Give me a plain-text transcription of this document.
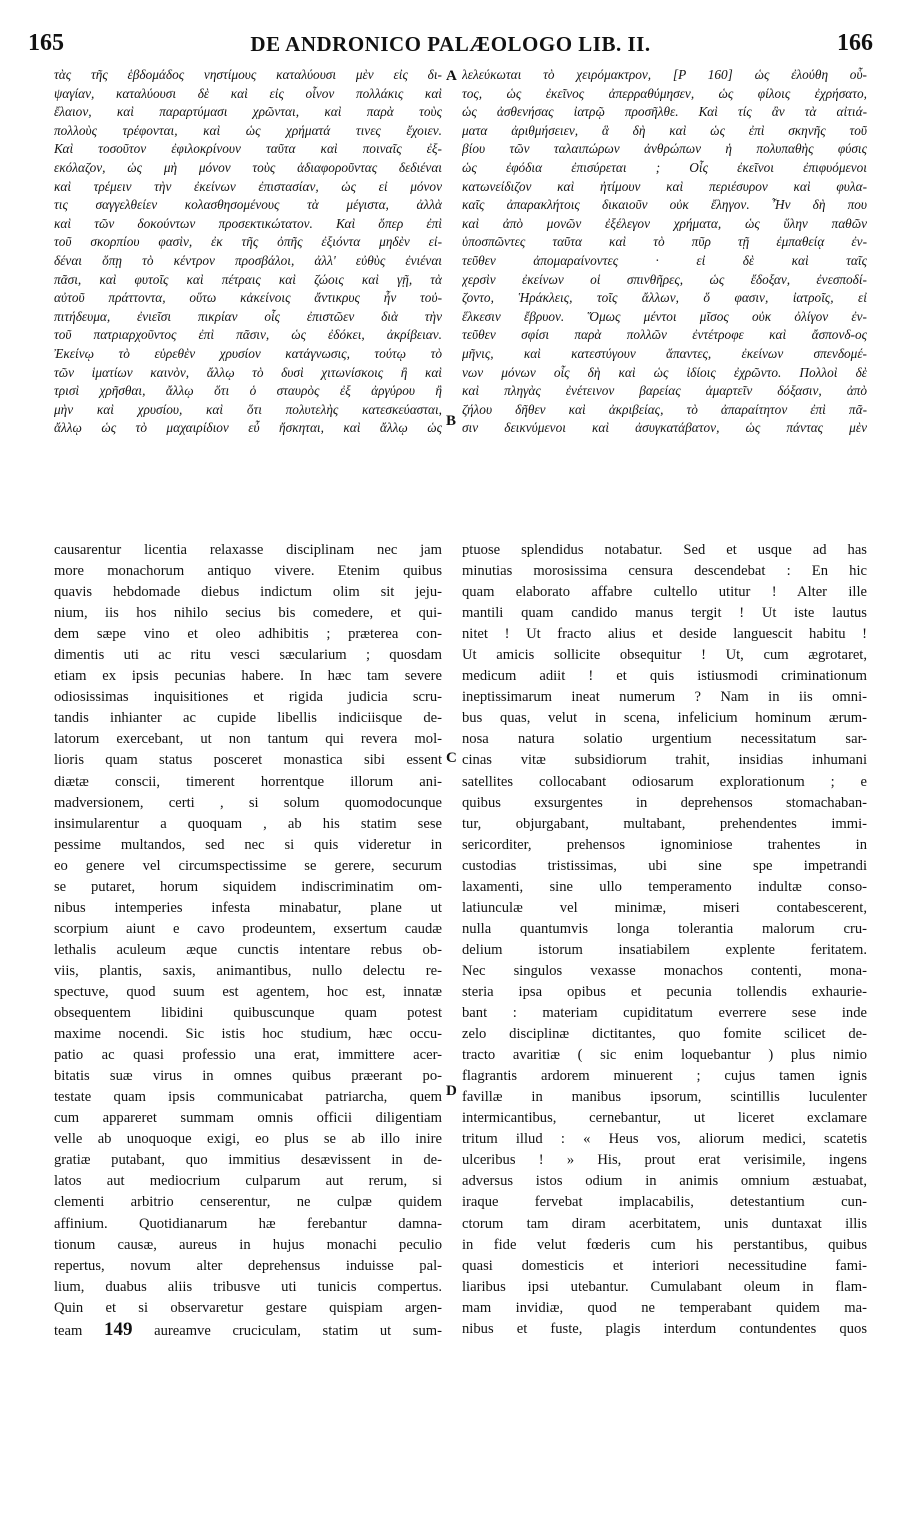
165	DE ANDRONICO PALÆOLOGO LIB. II.	166
τὰς τῆς ἑβδομάδος νηστίμους καταλύουσι μὲν εἰς δι-
ψαγίαν, καταλύουσι δὲ καὶ εἰς οἶνον πολλάκις καὶ
ἔλαιον, καὶ παραρτύμασι χρῶνται, καὶ παρὰ τοὺς
πολλοὺς τρέφονται, καὶ ὡς χρήματά τινες ἔχοιεν.
Καὶ τοσοῦτον ἐφιλοκρίνουν ταῦτα καὶ ποιναῖς ἐξ-
εκόλαζον, ὡς μὴ μόνον τοὺς ἀδιαφοροῦντας δεδιέναι
καὶ τρέμειν τὴν ἐκείνων ἐπιστασίαν, ὡς εἰ μόνον
τις σαγγελθείεν κολασθησομένους τὰ μέγιστα, ἀλλὰ
καὶ τῶν δοκούντων προσεκτικώτατον. Καὶ ὅπερ ἐπὶ
τοῦ σκορπίου φασὶν, ἐκ τῆς ὀπῆς ἐξιόντα μηδὲν εἰ-
δέναι ὅπῃ τὸ κέντρον προσβάλοι, ἀλλ' εὐθὺς ἐνιέναι
πᾶσι, καὶ φυτοῖς καὶ πέτραις καὶ ζώοις καὶ γῇ, τὰ
αὐτοῦ πράττοντα, οὕτω κἀκείνοις ἄντικρυς ἦν τοὐ-
πιτήδευμα, ἐνιεῖσι πικρίαν οἷς ἐπιστῶεν διὰ τὴν
τοῦ πατριαρχοῦντος ἐπὶ πᾶσιν, ὡς ἐδόκει, ἀκρίβειαν.
Ἐκείνῳ τὸ εὑρεθὲν χρυσίον κατάγνωσις, τούτῳ τὸ
τῶν ἱματίων καινὸν, ἄλλῳ τὸ δυσὶ χιτωνίσκοις ἢ καὶ
τρισὶ χρῆσθαι, ἄλλῳ ὅτι ὁ σταυρὸς ἐξ ἀργύρου ἢ
μὴν καὶ χρυσίου, καὶ ὅτι πολυτελὴς κατεσκεύασται,
ἄλλῳ ὡς τὸ μαχαιρίδιον εὖ ἤσκηται, καὶ ἄλλῳ ὡς
λελεύκωται τὸ χειρόμακτρον, [P 160] ὡς ἐλούθη οὗ-
τος, ὡς ἐκεῖνος ἀπερραθύμησεν, ὡς φίλοις ἐχρήσατο,
ὡς ἀσθενήσας ἰατρῷ προσῆλθε. Καὶ τίς ἂν τὰ αἰτιά-
ματα ἀριθμήσειεν, ἃ δὴ καὶ ὡς ἐπὶ σκηνῆς τοῦ
βίου τῶν ταλαιπώρων ἀνθρώπων ἡ πολυπαθὴς φύσις
ὡς ἐφόδια ἐπισύρεται ; Οἷς ἐκεῖνοι ἐπιφυόμενοι
κατωνείδιζον καὶ ἠτίμουν καὶ περιέσυρον καὶ φυλα-
καῖς ἀπαρακλήτοις δικαιοῦν οὐκ ἔληγον. Ἦν δὴ που
καὶ ἀπὸ μονῶν ἐξέλεγον χρήματα, ὡς ὕλην παθῶν
ὑποσπῶντες ταῦτα καὶ τὸ πῦρ τῇ ἐμπαθείᾳ ἐν-
τεῦθεν ἀπομαραίνοντες · εἰ δὲ καὶ ταῖς
χερσὶν ἐκείνων οἱ σπινθῆρες, ὡς ἔδοξαν, ἐνεσποδί-
ζοντο, Ἡράκλεις, τοῖς ἄλλων, ὅ φασιν, ἰατροῖς, εἰ
ἕλκεσιν ἔβρυον. Ὅμως μέντοι μῖσος οὐκ ὀλίγον ἐν-
τεῦθεν σφίσι παρὰ πολλῶν ἐντέτροφε καὶ ἄσπονδ-ος
μῆνις, καὶ κατεστύγουν ἅπαντες, ἐκείνων σπενδομέ-
νων μόνων οἷς δὴ καὶ ὡς ἰδίοις ἐχρῶντο. Πολλοὶ δὲ
καὶ πληγὰς ἐνέτεινον βαρείας ἁμαρτεῖν δόξασιν, ἀπὸ
ζήλου δῆθεν καὶ ἀκριβείας, τὸ ἀπαραίτητον ἐπὶ πᾶ-
σιν δεικνύμενοι καὶ ἀσυγκατάβατον, ὡς πάντας μὲν
causarentur licentia relaxasse disciplinam nec jam
more monachorum antiquo vivere. Etenim quibus
quavis hebdomade diebus indictum olim sit jeju-
nium, iis hos nihilo secius bis comedere, et qui-
dem sæpe vino et oleo adhibitis ; præterea con-
dimentis uti ac ritu vesci sæcularium ; quosdam
etiam ex ipsis pecunias habere. In hæc tam severe
odiosissimas inquisitiones et rigida judicia scru-
tandis inhianter ac cupide libellis indiciisque de-
latorum exercebant, ut non tantum qui revera mol-
lioris quam status posceret monastica sibi essent
diætæ conscii, timerent horrentque illorum ani-
madversionem, certi , si solum quomodocunque
insimularentur a quoquam , ab his statim sese
pessime multandos, sed nec si quis videretur in
eo genere vel circumspectissime se gerere, securum
se putaret, horum siquidem indiscriminatim om-
nibus intemperies infesta minabatur, plane ut
scorpium aiunt e cavo prodeuntem, exsertum caudæ
lethalis aculeum æque cunctis intentare rebus ob-
viis, plantis, saxis, animantibus, nullo delectu re-
spectuve, quod suum est agentem, hoc est, innatæ
obsequentem libidini quibuscunque quam potest
maxime nocendi. Sic istis hoc studium, hæc occu-
patio ac quasi professio una erat, immittere acer-
bitatis suæ virus in omnes quibus præerant po-
testate quam ipsis communicabat patriarcha, quem
cum appareret summam omnis officii diligentiam
velle ab unoquoque exigi, eo plus se ab illo inire
gratiæ putabant, quo immitius desævissent in de-
latos aut mediocrium culparum aut rerum, si
clementi arbitrio censerentur, ne culpæ quidem
affinium. Quotidianarum hæ ferebantur damna-
tionum causæ, aureus in hujus monachi peculio
repertus, novum alter deprehensus induisse pal-
lium, duabus aliis tribusve uti tunicis compertus.
Quin et si observaretur gestare quispiam argen-
team 149 aureamve cruciculam, statim ut sum-
ptuose splendidus notabatur. Sed et usque ad has
minutias morosissima censura descendebat : En hic
quam elaborato affabre cultello utitur ! Alter ille
mantili quam candido manus tergit ! Ut iste lautus
nitet ! Ut fracto alius et deside languescit habitu !
Ut amicis sollicite obsequitur ! Ut, cum ægrotaret,
medicum adiit ! et quis istiusmodi criminationum
ineptissimarum ineat numerum ? Nam in iis omni-
bus quas, velut in scena, infelicium hominum ærum-
nosa natura solatio urgentium necessitatum sar-
cinas vitæ subsidiorum trahit, insidias inhumani
satellites collocabant odiosarum explorationum ; e
quibus exsurgentes in deprehensos stomachaban-
tur, objurgabant, multabant, prehendentes immi-
sericorditer, prehensos ignominiose trahentes in
custodias tristissimas, ubi sine spe impetrandi
laxamenti, sine ullo temperamento indultæ conso-
latiunculæ vel minimæ, miseri contabescerent,
nulla quantumvis longa tolerantia malorum cru-
delium istorum insatiabilem explente feritatem.
Nec singulos vexasse monachos contenti, mona-
steria ipsa opibus et pecunia tollendis exhaurie-
bant : materiam cupiditatum everrere sese inde
zelo disciplinæ dictitantes, quo fomite scilicet de-
tracto avaritiæ ( sic enim loquebantur ) plus nimio
flagrantis ardorem minuerent ; cujus tamen ignis
favillæ in manibus ipsorum, scintillis luculenter
intermicantibus, cernebantur, ut liceret exclamare
tritum illud : « Heus vos, aliorum medici, scatetis
ulceribus ! » His, prout erat verisimile, ingens
adversus istos odium in animis omnium æstuabat,
iraque fervebat implacabilis, detestantium cun-
ctorum tam diram acerbitatem, unis duntaxat illis
in fide velut fœderis cum his perstantibus, quibus
quasi domesticis et interiori necessitudine fami-
liaribus ipsi utebantur. Cumulabant oleum in flam-
mam invidiæ, quod ne temperabant quidem ma-
nibus et fuste, plagis interdum contundentes quos
A
B
C
D
